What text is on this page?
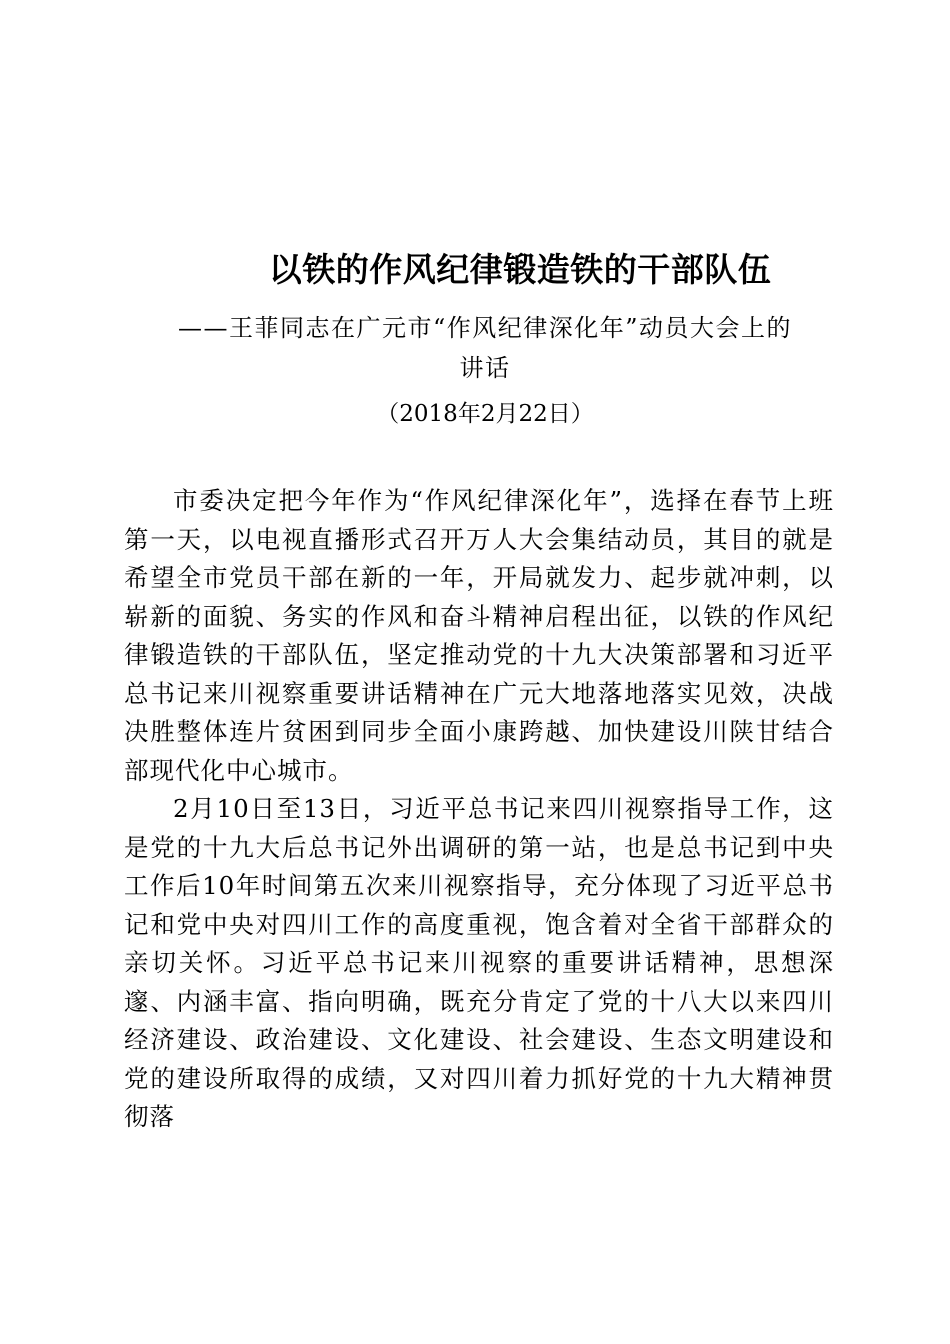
以铁的作风纪律锻造铁的干部队伍

——王菲同志在广元市“作风纪律深化年”动员大会上的

讲话

（2018年2月22日）

市委决定把今年作为“作风纪律深化年”，选择在春节上班第一天，以电视直播形式召开万人大会集结动员，其目的就是希望全市党员干部在新的一年，开局就发力、起步就冲刺，以崭新的面貌、务实的作风和奋斗精神启程出征，以铁的作风纪律锻造铁的干部队伍，坚定推动党的十九大决策部署和习近平总书记来川视察重要讲话精神在广元大地落地落实见效，决战决胜整体连片贫困到同步全面小康跨越、加快建设川陕甘结合部现代化中心城市。

2月10日至13日，习近平总书记来四川视察指导工作，这是党的十九大后总书记外出调研的第一站，也是总书记到中央工作后10年时间第五次来川视察指导，充分体现了习近平总书记和党中央对四川工作的高度重视，饱含着对全省干部群众的亲切关怀。习近平总书记来川视察的重要讲话精神，思想深邃、内涵丰富、指向明确，既充分肯定了党的十八大以来四川经济建设、政治建设、文化建设、社会建设、生态文明建设和党的建设所取得的成绩，又对四川着力抓好党的十九大精神贯彻落
